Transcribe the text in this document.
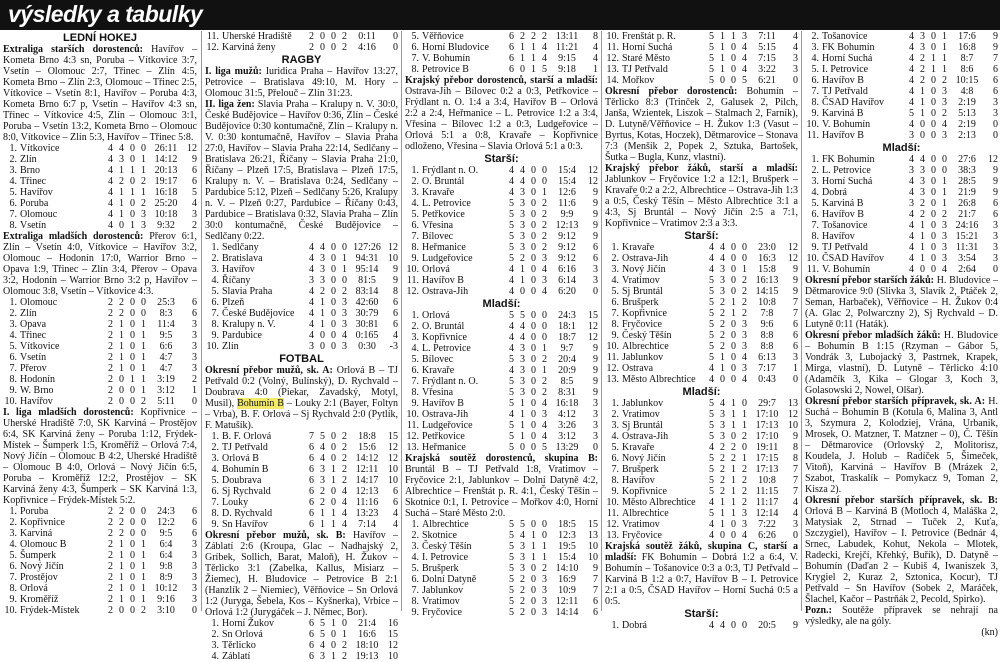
výsledky a tabulky
LEDNÍ HOKEJ

Extraliga starších dorostenců: Havířov – Kometa Brno 4:3 sn, Poruba – Vítkovice 3:7, Vsetín – Olomouc 2:7, Třinec – Zlín 4:5, Kometa Brno – Zlín 2:3, Olomouc – Třinec 2:5, Vítkovice – Vsetín 8:1, Havířov – Poruba 4:3, Kometa Brno 6:7 p, Vsetín – Havířov 4:3 sn, Třinec – Vítkovice 4:5, Zlín – Olomouc 3:1, Poruba – Vsetín 13:2, Kometa Brno – Olomouc 8:0, Vítkovice – Zlín 5:3, Havířov – Třinec 5:8.

1.	Vítkovice	4	4	0	0	26:11	12
2.	Zlín	4	3	0	1	14:12	9
3.	Brno	4	1	1	1	20:13	6
4.	Třinec	4	2	0	2	19:17	6
5.	Havířov	4	1	1	1	16:18	5
6.	Poruba	4	1	0	2	25:20	4
7.	Olomouc	4	1	0	3	10:18	3
8.	Vsetín	4	0	1	3	9:32	2

Extraliga mladších dorostenců: Přerov 6:1, Zlín – Vsetín 4:0, Vítkovice – Havířov 3:2, Olomouc – Hodonín 17:0, Warrior Brno – Opava 1:9, Třinec – Zlín 3:4, Přerov – Opava 3:2, Hodonín – Warrior Brno 3:2 p, Havířov – Olomouc 3:8, Vsetín – Vítkovice 4:3.

1.	Olomouc	2	2	0	0	25:3	6
2.	Zlín	2	2	0	0	8:3	6
3.	Opava	2	1	0	1	11:4	3
4.	Třinec	2	1	0	1	9:5	3
5.	Vítkovice	2	1	0	1	6:6	3
6.	Vsetín	2	1	0	1	4:7	3
7.	Přerov	2	1	0	1	4:7	3
8.	Hodonín	2	0	1	1	3:19	2
9.	W. Brno	2	0	0	1	3:12	1
10.	Havířov	2	0	0	2	5:11	0

I. liga mladších dorostenců: Kopřivnice – Uherské Hradiště 7:0, SK Karviná – Prostějov 6:4, SK Karviná ženy – Poruba 1:12, Frýdek-Místek – Šumperk 1:5, Kroměříž – Orlová 7:4, Nový Jičín – Olomouc B 4:2, Uherské Hradiště – Olomouc B 4:0, Orlová – Nový Jičín 6:5, Poruba – Kroměříž 12:2, Prostějov – SK Karviná ženy 4:3, Šumperk – SK Karviná 1:3, Kopřivnice – Frýdek-Místek 5:2.

1.	Poruba	2	2	0	0	24:3	6
2.	Kopřivnice	2	2	0	0	12:2	6
3.	Karviná	2	2	0	0	9:5	6
4.	Olomouc B	2	1	0	1	6:4	3
5.	Šumperk	2	1	0	1	6:4	3
6.	Nový Jičín	2	1	0	1	9:8	3
7.	Prostějov	2	1	0	1	8:9	3
8.	Orlová	2	1	0	1	10:12	3
9.	Kroměříž	2	1	0	1	9:16	3
10.	Frýdek-Místek	2	0	0	2	3:10	0
11.	Uherské Hradiště	2	0	0	2	0:11	0
12.	Karviná ženy	2	0	0	2	4:16	0
RAGBY

I. liga mužů: Iuridica Praha – Havířov 13:27, Petrovice – Bratislava 49:10, M. Hory – Olomouc 31:5, Přelouč – Zlín 31:23.

II. liga žen: Slavia Praha – Kralupy n. V. 30:0, České Budějovice – Havířov 0:36, Zlín – České Budějovice 0:30 kontumačně, Zlín – Kralupy n. V. 0:30 kontumačně, Havířov – Slavia Praha 27:0, Havířov – Slavia Praha 22:14, Sedlčany – Bratislava 26:21, Říčany – Slavia Praha 21:0, Říčany – Plzeň 17:5, Bratislava – Plzeň 17:5, Kralupy n. V. – Bratislava 0:24, Sedlčany – Pardubice 5:12, Plzeň – Sedlčany 5:26, Kralupy n. V. – Plzeň 0:27, Pardubice – Říčany 0:43, Pardubice – Bratislava 0:32, Slavia Praha – Zlín 30:0 kontumačně, České Budějovice – Sedlčany 0:22.

1.	Sedlčany	4	4	0	0	127:26	12
2.	Bratislava	4	3	0	1	94:31	10
3.	Havířov	4	3	0	1	95:14	9
4.	Říčany	3	3	0	0	81:5	9
5.	Slavia Praha	4	2	0	2	83:14	8
6.	Plzeň	4	1	0	3	42:60	6
7.	České Budějovice	4	1	0	3	30:79	6
8.	Kralupy n. V.	4	1	0	3	30:81	6
9.	Pardubice	4	0	0	4	0:165	4
10.	Zlín	3	0	0	3	0:30	-3
FOTBAL

Okresní přebor mužů, sk. A: Orlová B – TJ Petřvald 0:2 (Volný, Bulínský), D. Rychvald – Doubrava 4:0 (Piekar, Zavadský, Motyl, Musil), Bohumín B – Louky 2:1 (Bayer, Foltyn – Vrba), B. F. Orlová – Sj Rychvald 2:0 (Pytlík, F. Matušík).

1.	B. F. Orlová	7	5	0	2	18:8	15
2.	TJ Petřvald	6	4	0	2	15:6	12
3.	Orlová B	6	4	0	2	14:12	12
4.	Bohumín B	6	3	1	2	12:11	10
5.	Doubrava	6	3	1	2	14:17	10
6.	Sj Rychvald	6	2	0	4	12:13	6
7.	Louky	6	2	0	4	11:16	6
8.	D. Rychvald	6	1	1	4	13:23	4
9.	Sn Havířov	6	1	1	4	7:14	4

Okresní přebor mužů, sk. B: Havířov – Záblatí 2:6 (Kroupa, Glac – Nadhajský 2, Gríbek, Sollich, Barat, Maloň), H. Žukov – Těrlicko 3:1 (Zabelka, Kallus, Misiarz – Žiemec), H. Bludovice – Petrovice B 2:1 (Hanzlík 2 – Niemiec), Věřňovice – Sn Orlová 1:2 (Juryga, Šebela, Kos – Kyšnerka), Vrbice – Orlová 1:2 (Jurygáček – J. Němec, Bor).

1.	Horní Žukov	6	5	1	0	21:4	16
2.	Sn Orlová	6	5	0	1	16:6	15
3.	Těrlicko	6	4	0	2	18:10	12
4.	Záblatí	6	3	1	2	19:13	10
5.	Věřňovice	6	2	2	2	13:11	8
6.	Horní Bludovice	6	1	1	4	11:21	4
7.	V. Bohumín	6	1	1	4	9:15	4
8.	Petrovice B	6	0	1	5	9:18	1

Krajský přebor dorostenců, starší a mladší: Ostrava-Jih – Bílovec 0:2 a 0:3, Petřkovice – Frýdlant n. O. 1:4 a 3:4, Havířov B – Orlová 2:2 a 2:4, Heřmanice – L. Petrovice 1:2 a 3:4, Vřesina – Bílovec 1:2 a 0:3, Ludgeřovice – Orlová 5:1 a 0:8, Kravaře – Kopřivnice odloženo, Vřesina – Slavia Orlová 5:1 a 0:3.

Starší:
1.	Frýdlant n. O.	4	4	0	0	15:4	12
2.	O. Bruntál	4	4	0	0	15:4	12
3.	Kravaře	4	3	0	1	12:6	9
4.	L. Petrovice	5	3	0	2	11:6	9
5.	Petřkovice	5	3	0	2	9:9	9
6.	Vřesina	5	3	0	2	12:13	9
7.	Bílovec	5	3	0	2	9:12	9
8.	Heřmanice	5	3	0	2	9:12	6
9.	Ludgeřovice	5	2	0	3	9:12	6
10.	Orlová	4	1	0	4	6:16	3
11.	Havířov B	4	1	0	3	6:14	3
12.	Ostrava-Jih	4	0	0	4	6:20	0
Mladší:
1.	Orlová	5	5	0	0	24:3	15
2.	O. Bruntál	4	4	0	0	18:1	12
3.	Kopřivnice	4	4	0	0	18:7	12
4.	L. Petrovice	4	3	0	1	9:7	9
5.	Bílovec	5	3	0	2	20:4	9
6.	Kravaře	4	3	0	1	20:9	9
7.	Frýdlant n. O.	5	3	0	2	8:5	9
8.	Vřesina	5	3	0	2	8:31	9
9.	Havířov B	5	1	0	4	16:18	3
10.	Ostrava-Jih	4	1	0	3	4:12	3
11.	Ludgeřovice	5	1	0	4	3:26	3
12.	Petřkovice	5	1	0	4	3:12	3
13.	Heřmanice	5	0	0	5	13:29	0

Krajská soutěž dorostenců, skupina B: Bruntál B – TJ Petřvald 1:8, Vratimov – Fryčovice 2:1, Jablunkov – Dolní Datyně 4:2, Albrechtice – Frenštát p. R. 4:1, Český Těšín – Skotnice 0:1, I. Petrovice – Mořkov 4:0, Horní Suchá – Staré Město 2:0.

1.	Albrechtice	5	5	0	0	18:5	15
2.	Skotnice	5	4	1	0	12:3	13
3.	Český Těšín	5	3	1	1	19:5	10
4.	I. Petrovice	5	3	1	1	15:4	10
5.	Brušperk	5	3	0	2	14:10	9
6.	Dolní Datyně	5	2	0	3	16:9	7
7.	Jablunkov	5	2	0	3	10:9	7
8.	Vratimov	5	2	0	3	12:11	6
9.	Fryčovice	5	2	0	3	14:14	6
10.	Frenštát p. R.	5	1	1	3	7:11	4
11.	Horní Suchá	5	1	0	4	5:15	4
12.	Staré Město	5	1	0	4	7:15	3
13.	TJ Petřvald	5	1	0	4	3:22	3
14.	Mořkov	5	0	0	5	6:21	0

Okresní přebor dorostenců: Bohumín – Těrlicko 8:3 (Trinček 2, Galusek 2, Pilch, Janša, Wzientek, Liszok – Stalmach 2, Farník), D. Lutyně/Věřňovice – H. Žukov 1:3 (Vasut – Byrtus, Kotas, Hoczek), Dětmarovice – Stonava 7:3 (Menšík 2, Popek 2, Sztuka, Bartošek, Šutka – Bugla, Kunz, vlastní).

Krajský přebor žáků, starší a mladší: Jablunkov – Fryčovice 1:2 a 12:1, Brušperk – Kravaře 0:2 a 2:2, Albrechtice – Ostrava-Jih 1:3 a 0:5, Český Těšín – Město Albrechtice 3:1 a 4:3, Sj Bruntál – Nový Jičín 2:5 a 7:1, Kopřivnice – Vratimov 2:3 a 3:3.

Starší:
1.	Kravaře	4	4	0	0	23:0	12
2.	Ostrava-Jih	4	4	0	0	16:3	12
3.	Nový Jičín	4	3	0	1	15:8	9
4.	Vratimov	5	3	0	2	16:13	9
5.	Sj Bruntál	5	3	0	2	14:15	9
6.	Brušperk	5	2	1	2	10:8	7
7.	Kopřivnice	5	2	1	2	7:8	7
8.	Fryčovice	5	2	0	3	9:6	6
9.	Český Těšín	5	2	0	3	8:8	6
10.	Albrechtice	5	2	0	3	8:8	6
11.	Jablunkov	5	1	0	4	6:13	3
12.	Ostrava	4	1	0	3	7:17	1
13.	Město Albrechtice	4	0	0	4	0:43	0
Mladší:
1.	Jablunkov	5	4	1	0	29:7	13
2.	Vratimov	5	3	1	1	17:10	12
3.	Sj Bruntál	5	3	1	1	17:13	10
4.	Ostrava-Jih	5	3	0	2	17:10	9
5.	Kravaře	4	2	2	0	19:11	8
6.	Nový Jičín	5	2	2	1	17:15	8
7.	Brušperk	5	2	1	2	17:13	7
8.	Havířov	5	2	1	2	10:8	7
9.	Kopřivnice	5	2	1	2	11:15	7
10.	Město Albrechtice	4	1	1	2	11:17	4
11.	Albrechtice	5	1	1	3	12:14	4
12.	Vratimov	4	1	0	3	7:22	3
13.	Fryčovice	4	0	0	4	6:26	0

Krajská soutěž žáků, skupina C, starší a mladší: FK Bohumín – Dobrá 1:2 a 6:4, V. Bohumín – Tošanovice 0:3 a 0:3, TJ Petřvald – Karviná B 1:2 a 0:7, Havířov B – I. Petrovice 2:1 a 0:5, ČSAD Havířov – Horní Suchá 0:5 a 0:5.

Starší:
1.	Dobrá	4	4	0	0	20:5	9
2.	Tošanovice	4	3	0	1	17:6	9
3.	FK Bohumín	4	3	0	1	16:8	9
4.	Horní Suchá	4	2	1	1	8:7	7
5.	I. Petrovice	4	2	1	1	8:6	6
6.	Havířov B	4	2	0	2	10:15	6
7.	TJ Petřvald	4	1	0	3	4:8	6
8.	ČSAD Havířov	4	1	0	3	2:19	3
9.	Karviná B	5	1	0	2	5:13	3
10.	V. Bohumín	4	0	0	4	2:19	0
11.	Havířov B	3	0	0	3	2:13	0
Mladší:
1.	FK Bohumín	4	4	0	0	27:6	12
2.	L. Petrovice	3	3	0	0	38:3	9
3.	Horní Suchá	4	3	0	1	28:5	9
4.	Dobrá	4	3	0	1	21:9	9
5.	Karviná B	3	2	0	1	26:8	6
6.	Havířov B	4	2	0	2	21:7	6
7.	Tošanovice	4	1	0	3	24:16	3
8.	Havířov	4	1	0	3	15:21	3
9.	TJ Petřvald	4	1	0	3	11:31	3
10.	ČSAD Havířov	4	1	0	3	3:54	3
11.	V. Bohumín	4	0	0	4	2:64	0

Okresní přebor starších žáků: H. Bludovice – Dětmarovice 9:0 (Slivka 3, Slavík 2, Ptáček 2, Seman, Harbaček), Věřňovice – H. Žukov 0:4 (A. Glac 2, Polwarczny 2), Sj Rychvald – D. Lutyně 0:11 (Haták).

Okresní přebor mladších žáků: H. Bludovice – Bohumín B 1:15 (Rzyman – Gábor 5, Vondrák 3, Lubojacký 3, Pastrnek, Krapek, Mirga, vlastní), D. Lutyně – Těrlicko 4:10 (Adamčík 3, Kika – Glogar 3, Koch 3, Golasowski 2, Nowel, Olšar).

Okresní přebor starších přípravek, sk. A: H. Suchá – Bohumín B (Kotula 6, Malina 3, Antl 3, Szymura 2, Kolodziej, Vrána, Urbanik, Mrosek, O. Matzner, T. Matzner – 0), Č. Těšín – Dětmarovice (Orlovský 2, Molitorisz, Koudela, J. Holub – Radíček 5, Šimeček, Vitoň), Karviná – Havířov B (Mrázek 2, Szabot, Traskalík – Pomykacz 9, Toman 2, Kisza 2).

Okresní přebor starších přípravek, sk. B: Orlová B – Karviná B (Motloch 4, Maláška 2, Matysiak 2, Strnad – Tuček 2, Kuťa, Szczygiel), Havířov – I. Petrovice (Bednár 4, Srnec, Labudek, Kohut, Nekola – Mlotek, Radecki, Krejčí, Křehký, Buřík), D. Datyně – Bohumín (Daďan 2 – Kubiš 4, Iwaniszek 3, Krygiel 2, Kuraz 2, Sztonica, Kocur), TJ Petřvald – Sn Havířov (Sobek 2, Maráček, Šlachel, Kačor – Pastrňák 2, Pecold, Spirko).

Pozn.: Soutěže přípravek se nehrají na výsledky, ale na góly.

(kn)
